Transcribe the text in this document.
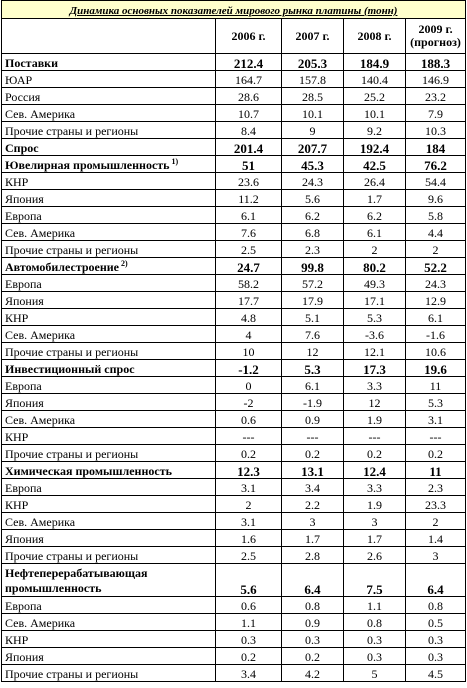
Динамика основных показателей мирового рынка платины (тонн)				
	2006 г.	2007 г.	2008 г.	2009 г.
(прогноз)

Поставки	212.4	205.3	184.9	188.3
ЮАР	164.7	157.8	140.4	146.9
Россия	28.6	28.5	25.2	23.2
Сев. Америка	10.7	10.1	10.1	7.9
Прочие страны и регионы	8.4	9	9.2	10.3
Спрос	201.4	207.7	192.4	184
Ювелирная промышленность $^{1)}$	51	45.3	42.5	76.2
КНР	23.6	24.3	26.4	54.4
Япония	11.2	5.6	1.7	9.6
Европа	6.1	6.2	6.2	5.8
Сев. Америка	7.6	6.8	6.1	4.4
Прочие страны и регионы	2.5	2.3	2	2
Автомобилестроение $^{2)}$	24.7	99.8	80.2	52.2
Европа	58.2	57.2	49.3	24.3
Япония	17.7	17.9	17.1	12.9
КНР	4.8	5.1	5.3	6.1
Сев. Америка	4	7.6	-3.6	-1.6
Прочие страны и регионы	10	12	12.1	10.6
Инвестиционный спрос	-1.2	5.3	17.3	19.6
Европа	0	6.1	3.3	11
Япония	-2	-1.9	12	5.3
Сев. Америка	0.6	0.9	1.9	3.1
КНР	---	---	---	---
Прочие страны и регионы	0.2	0.2	0.2	0.2
Химическая промышленность	12.3	13.1	12.4	11
Европа	3.1	3.4	3.3	2.3
КНР	2	2.2	1.9	23.3
Сев. Америка	3.1	3	3	2
Япония	1.6	1.7	1.7	1.4
Прочие страны и регионы	2.5	2.8	2.6	3
Нефтеперерабатывающая промышленность	5.6	6.4	7.5	6.4
Европа	0.6	0.8	1.1	0.8
Сев. Америка	1.1	0.9	0.8	0.5
КНР	0.3	0.3	0.3	0.3
Япония	0.2	0.2	0.3	0.3
Прочие страны и регионы	3.4	4.2	5	4.5
